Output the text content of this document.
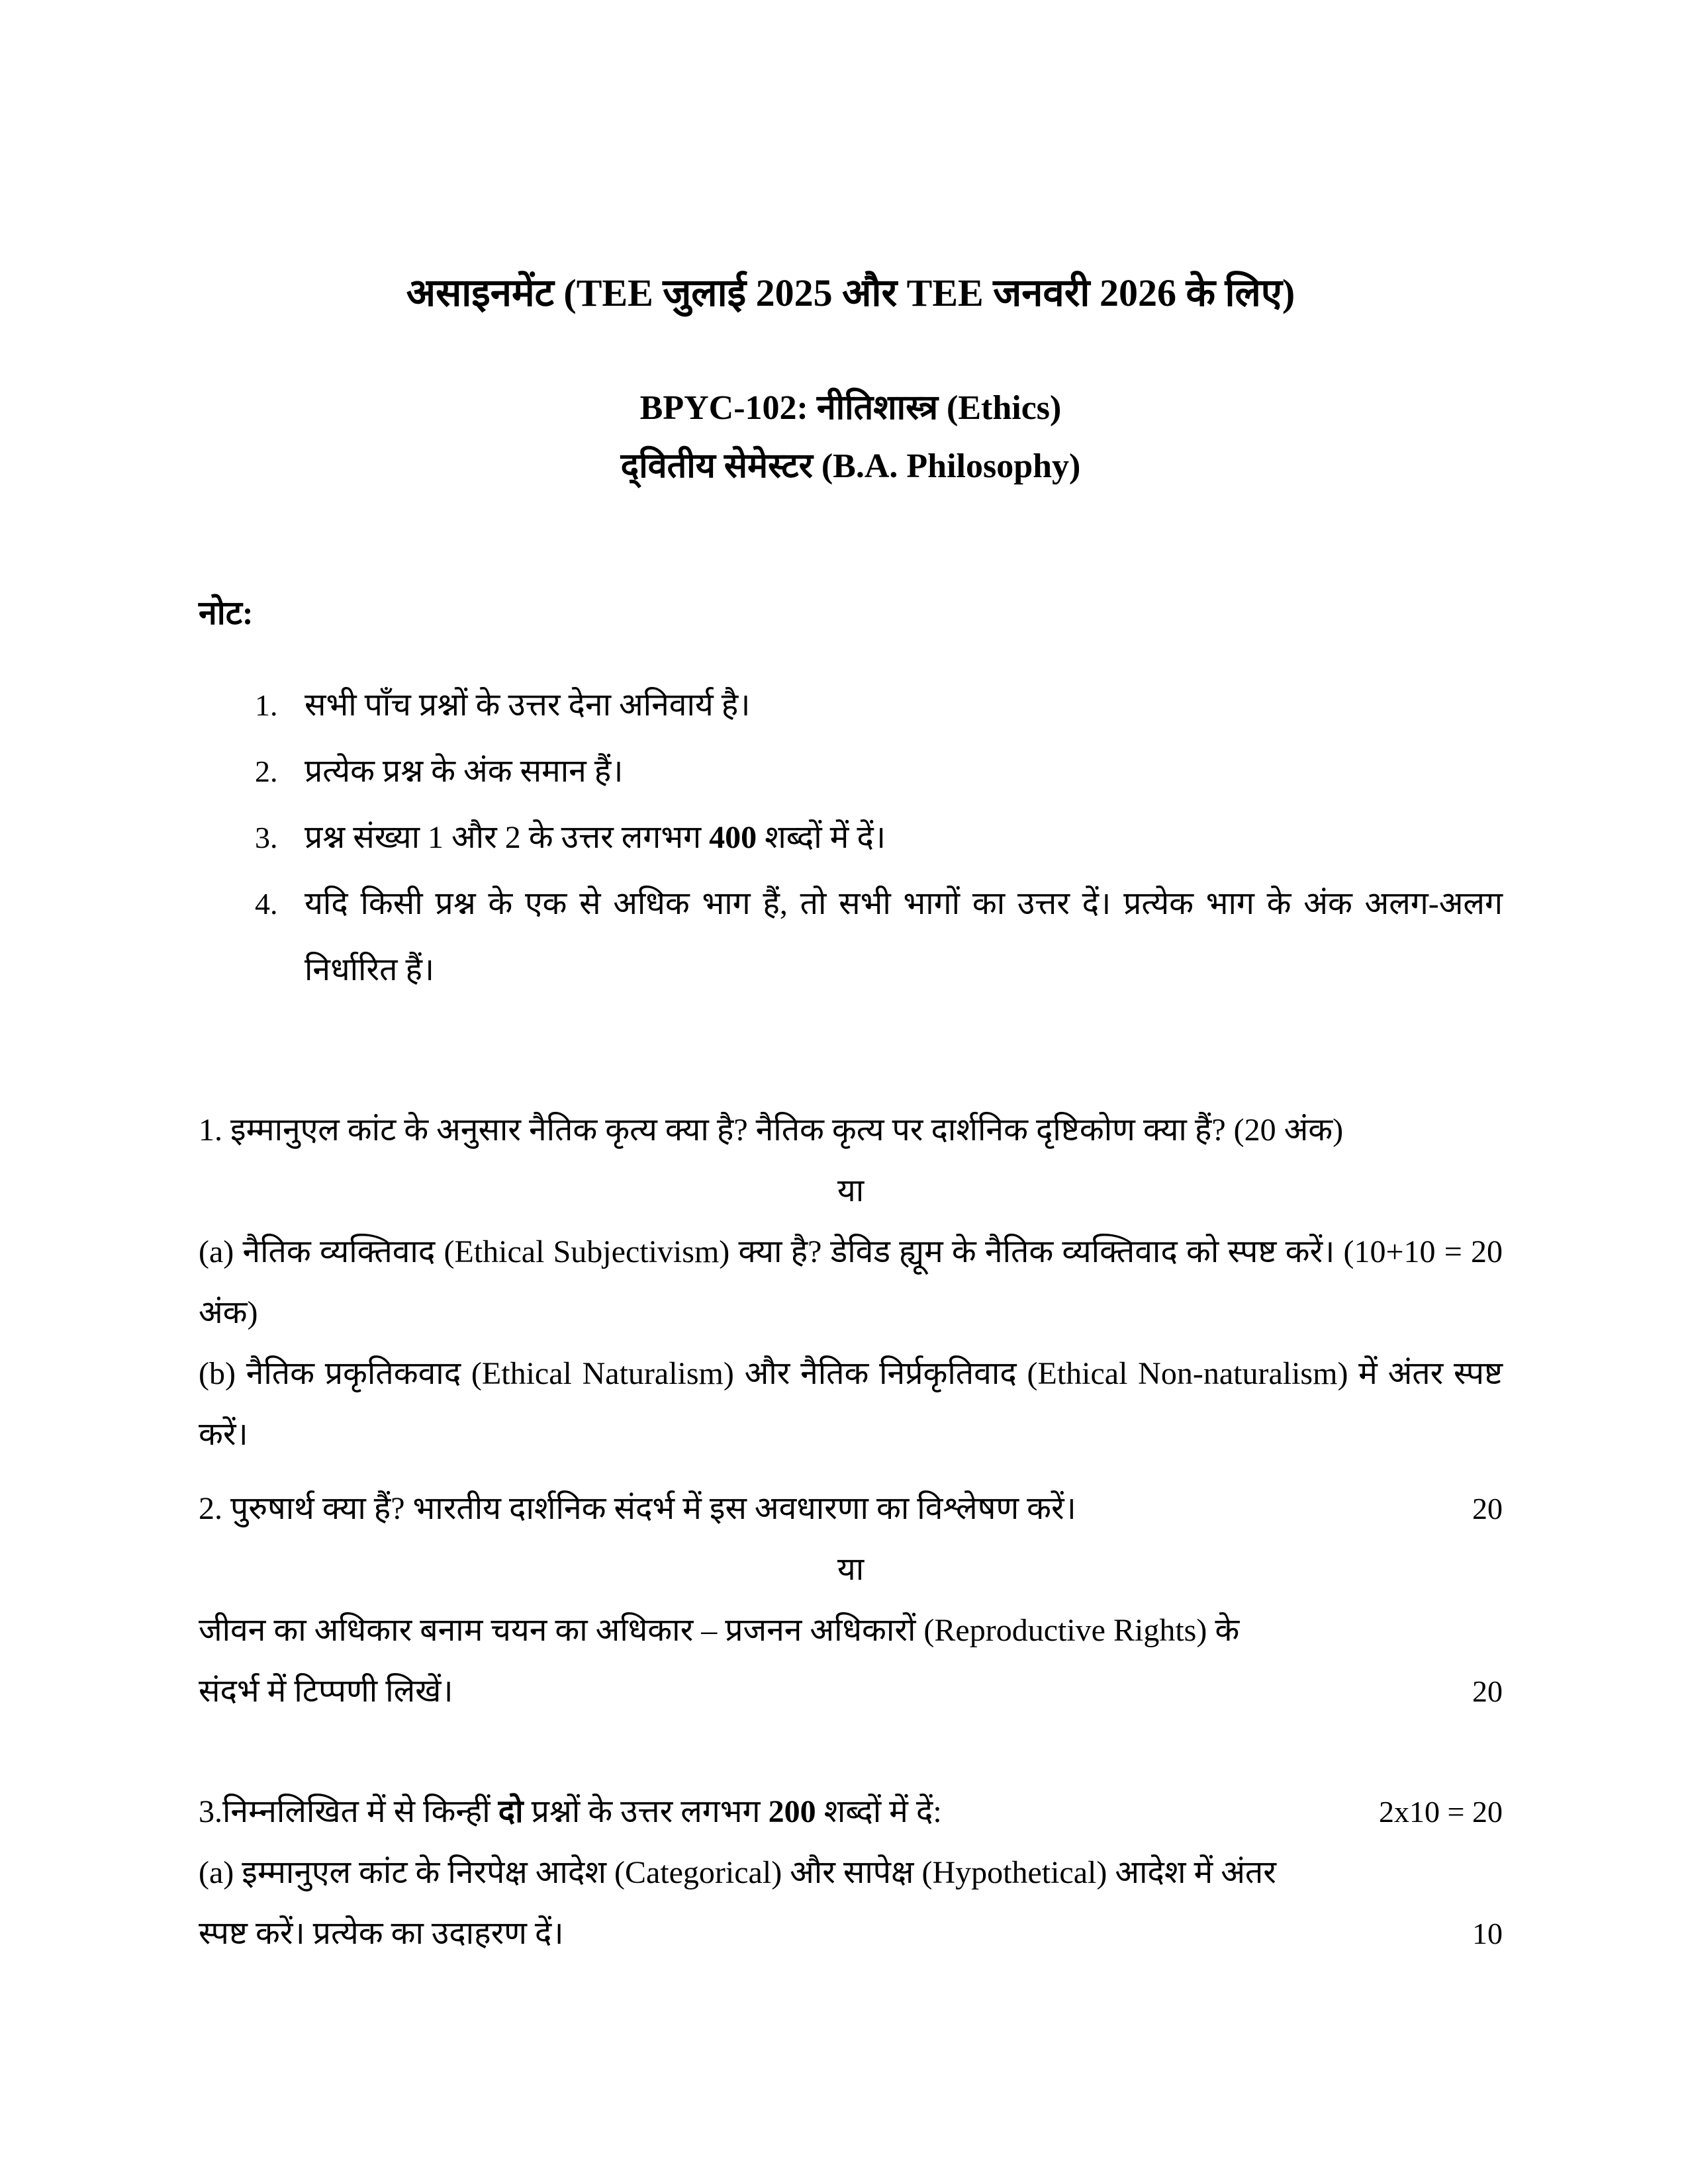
असाइनमेंट (TEE जुलाई 2025 और TEE जनवरी 2026 के लिए)
BPYC-102: नीतिशास्त्र (Ethics)
द्‌वितीय सेमेस्टर (B.A. Philosophy)
नोट:
1. सभी पाँच प्रश्नों के उत्तर देना अनिवार्य है।
2. प्रत्येक प्रश्न के अंक समान हैं।
3. प्रश्न संख्या 1 और 2 के उत्तर लगभग 400 शब्दों में दें।
4. यदि किसी प्रश्न के एक से अधिक भाग हैं, तो सभी भागों का उत्तर दें। प्रत्येक भाग के अंक अलग-अलग निर्धारित हैं।
1. इम्मानुएल कांट के अनुसार नैतिक कृत्य क्या है? नैतिक कृत्य पर दार्शनिक दृष्टिकोण क्या हैं? (20 अंक)
या
(a) नैतिक व्यक्तिवाद (Ethical Subjectivism) क्या है? डेविड ह्यूम के नैतिक व्यक्तिवाद को स्पष्ट करें। (10+10 = 20 अंक)
(b) नैतिक प्रकृतिकवाद (Ethical Naturalism) और नैतिक निर्प्रकृतिवाद (Ethical Non-naturalism) में अंतर स्पष्ट करें।
2. पुरुषार्थ क्या हैं? भारतीय दार्शनिक संदर्भ में इस अवधारणा का विश्लेषण करें।	20
या
जीवन का अधिकार बनाम चयन का अधिकार – प्रजनन अधिकारों (Reproductive Rights) के
संदर्भ में टिप्पणी लिखें।	20
3.निम्नलिखित में से किन्हीं दो प्रश्नों के उत्तर लगभग 200 शब्दों में दें:	2x10 = 20
(a) इम्मानुएल कांट के निरपेक्ष आदेश (Categorical) और सापेक्ष (Hypothetical) आदेश में अंतर
स्पष्ट करें। प्रत्येक का उदाहरण दें।	10
